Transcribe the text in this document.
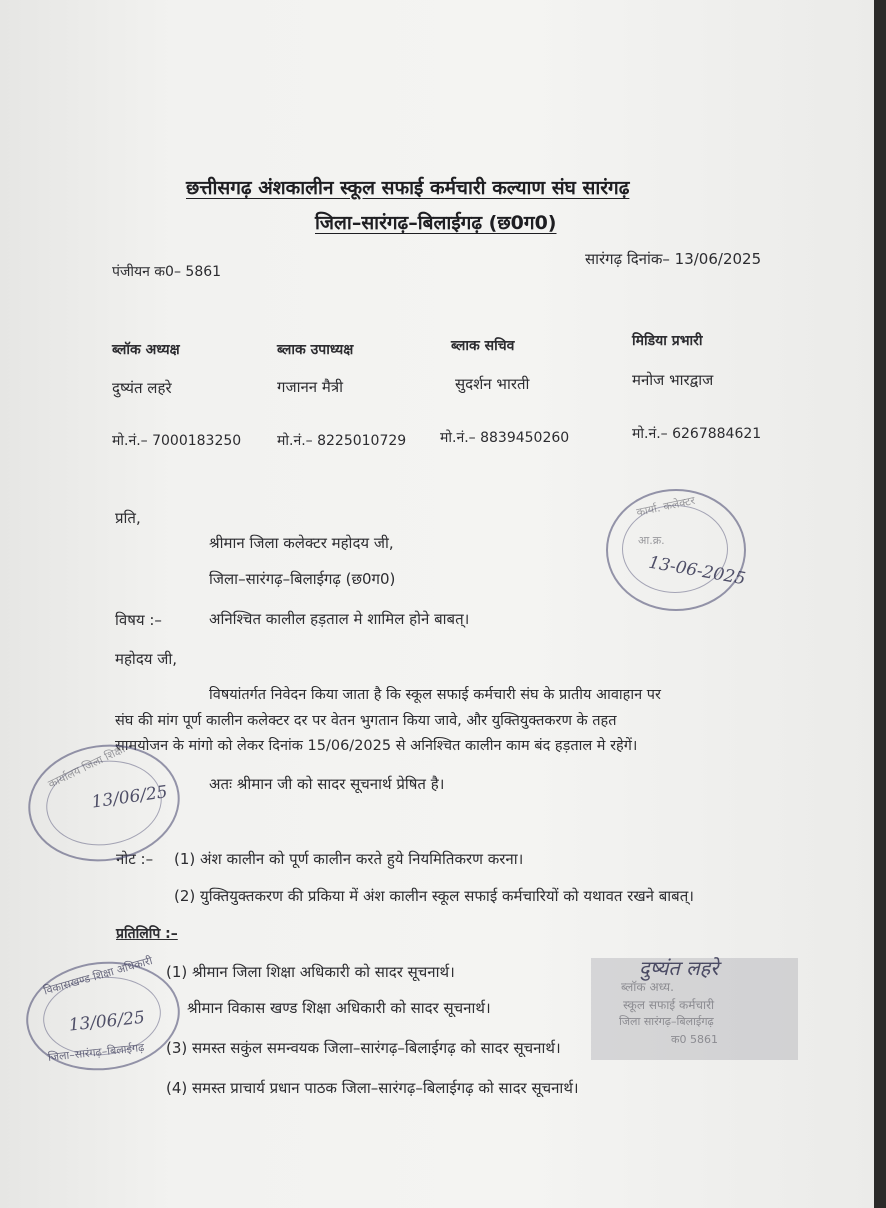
छत्तीसगढ़ अंशकालीन स्कूल सफाई कर्मचारी कल्याण संघ सारंगढ़
जिला–सारंगढ़–बिलाईगढ़ (छ0ग0)
पंजीयन क0– 5861
सारंगढ़ दिनांक– 13/06/2025
ब्लॉक अध्यक्ष
दुष्यंत लहरे
मो.नं.– 7000183250
ब्लाक उपाध्यक्ष
गजानन मैत्री
मो.नं.– 8225010729
ब्लाक सचिव
सुदर्शन भारती
मो.नं.– 8839450260
मिडिया प्रभारी
मनोज भारद्वाज
मो.नं.– 6267884621
प्रति,
श्रीमान जिला कलेक्टर महोदय जी,
जिला–सारंगढ़–बिलाईगढ़ (छ0ग0)
विषय :–	अनिश्चित कालील हड़ताल मे शामिल होने बाबत्।
महोदय जी,
विषयांतर्गत निवेदन किया जाता है कि स्कूल सफाई कर्मचारी संघ के प्रातीय आवाहान पर
संघ की मांग पूर्ण कालीन कलेक्टर दर पर वेतन भुगतान किया जावे, और युक्तियुक्तकरण के तहत
सामयोजन के मांगो को लेकर दिनांक 15/06/2025 से अनिश्चित कालीन काम बंद हड़ताल मे रहेगें।
अतः श्रीमान जी को सादर सूचनार्थ प्रेषित है।
नोट :– (1) अंश कालीन को पूर्ण कालीन करते हुये नियमितिकरण करना।
(2) युक्तियुक्तकरण की प्रकिया में अंश कालीन स्कूल सफाई कर्मचारियों को यथावत रखने बाबत्।
प्रतिलिपि :–
(1) श्रीमान जिला शिक्षा अधिकारी को सादर सूचनार्थ।
श्रीमान विकास खण्ड शिक्षा अधिकारी को सादर सूचनार्थ।
(3) समस्त सकुंल समन्वयक जिला–सारंगढ़–बिलाईगढ़ को सादर सूचनार्थ।
(4) समस्त प्राचार्य प्रधान पाठक जिला–सारंगढ़–बिलाईगढ़ को सादर सूचनार्थ।
कार्या. कलेक्टर
आ.क्र.
13-06-2025
कार्यालय जिला शिक्षा
13/06/25
विकासखण्ड शिक्षा अधिकारी
13/06/25
जिला–सारंगढ़–बिलाईगढ़
दुष्यंत लहरे
ब्लॉक अध्य.
स्कूल सफाई कर्मचारी
जिला सारंगढ़–बिलाईगढ़
क0 5861
